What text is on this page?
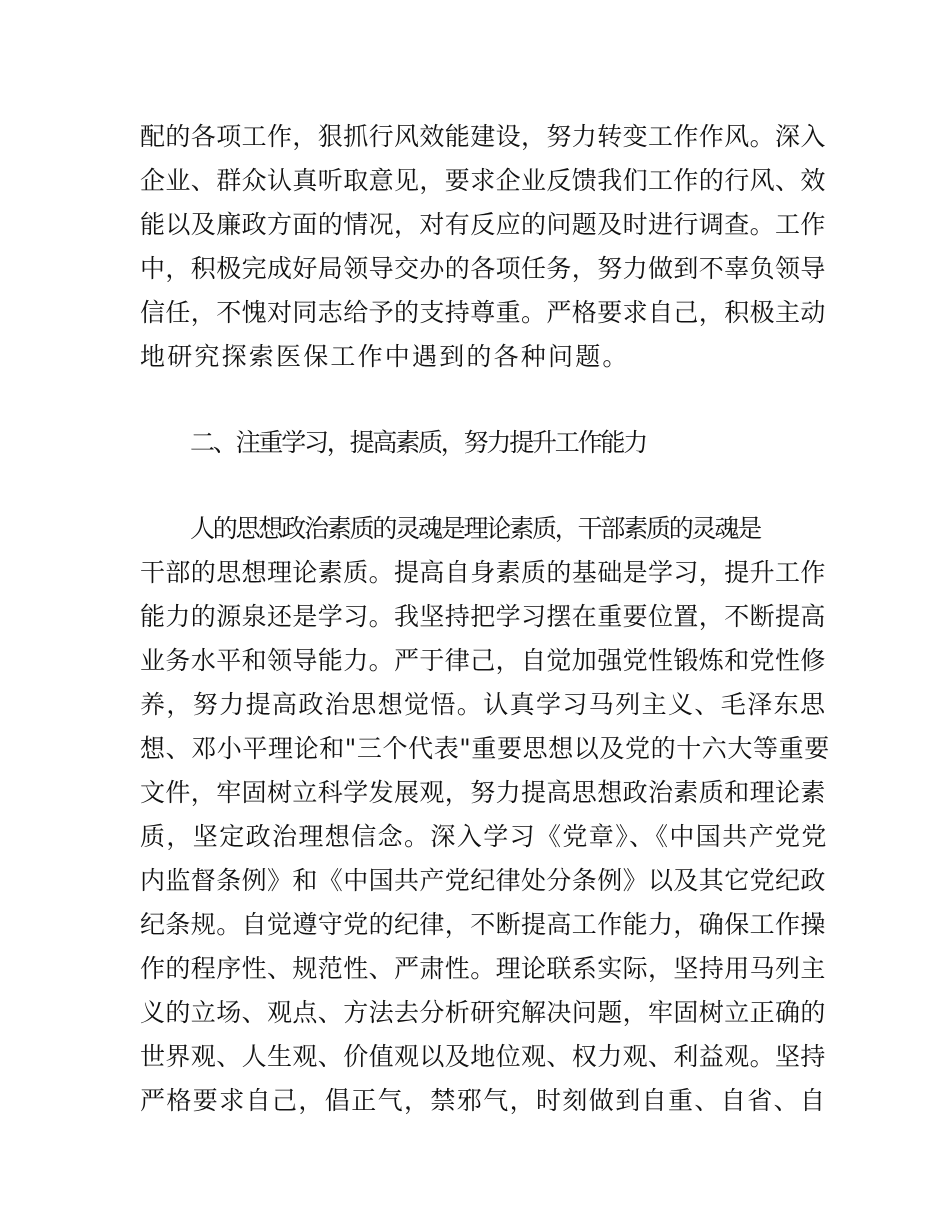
配的各项工作，狠抓行风效能建设，努力转变工作作风。深入
企业、群众认真听取意见，要求企业反馈我们工作的行风、效
能以及廉政方面的情况，对有反应的问题及时进行调查。工作
中，积极完成好局领导交办的各项任务，努力做到不辜负领导
信任，不愧对同志给予的支持尊重。严格要求自己，积极主动
地研究探索医保工作中遇到的各种问题。
二、注重学习，提高素质，努力提升工作能力
人的思想政治素质的灵魂是理论素质，干部素质的灵魂是
干部的思想理论素质。提高自身素质的基础是学习，提升工作
能力的源泉还是学习。我坚持把学习摆在重要位置，不断提高
业务水平和领导能力。严于律己，自觉加强党性锻炼和党性修
养，努力提高政治思想觉悟。认真学习马列主义、毛泽东思
想、邓小平理论和"三个代表"重要思想以及党的十六大等重要
文件，牢固树立科学发展观，努力提高思想政治素质和理论素
质，坚定政治理想信念。深入学习《党章》、《中国共产党党
内监督条例》和《中国共产党纪律处分条例》以及其它党纪政
纪条规。自觉遵守党的纪律，不断提高工作能力，确保工作操
作的程序性、规范性、严肃性。理论联系实际，坚持用马列主
义的立场、观点、方法去分析研究解决问题，牢固树立正确的
世界观、人生观、价值观以及地位观、权力观、利益观。坚持
严格要求自己，倡正气，禁邪气，时刻做到自重、自省、自
